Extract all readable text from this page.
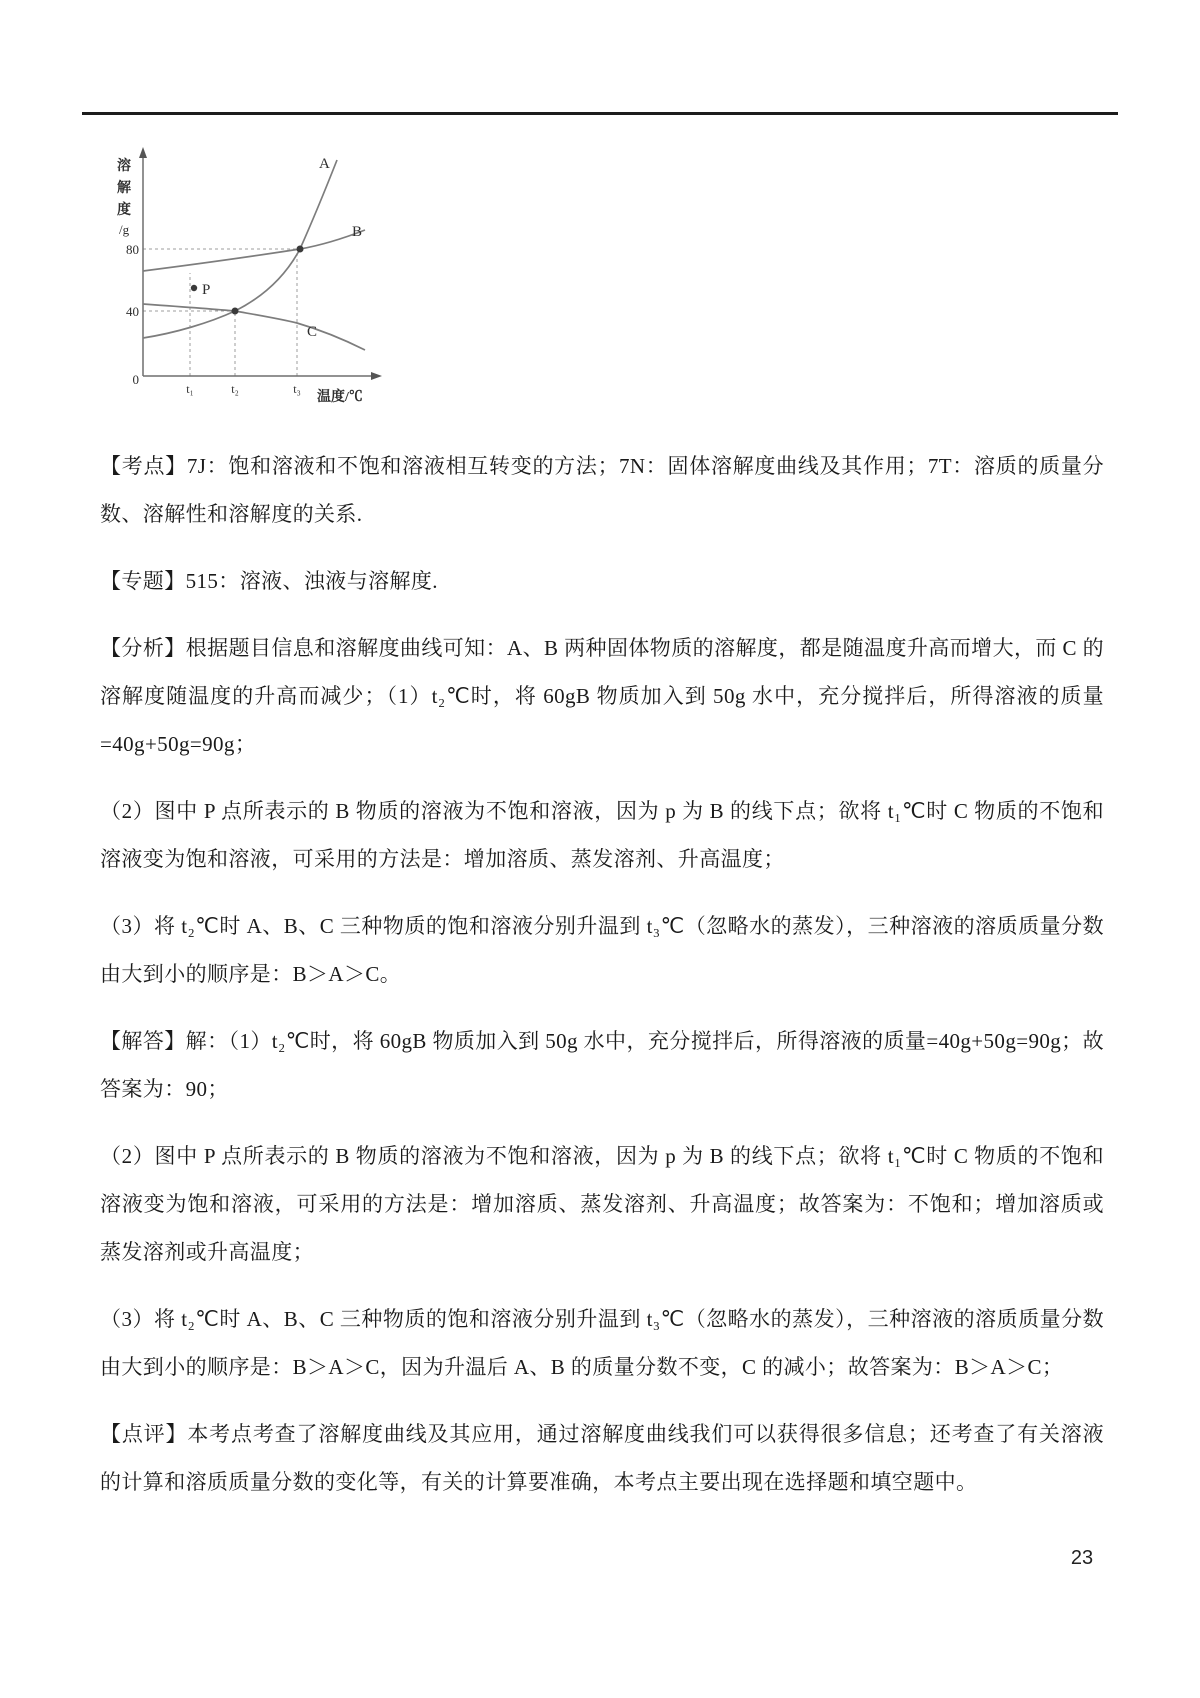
溶
解
度
/g
80
40
0
t₁	t₂	t₃
温度/℃
A
B
C
P

【考点】7J：饱和溶液和不饱和溶液相互转变的方法；7N：固体溶解度曲线及其作用；7T：溶质的质量分数、溶解性和溶解度的关系.

【专题】515：溶液、浊液与溶解度.

【分析】根据题目信息和溶解度曲线可知：A、B 两种固体物质的溶解度，都是随温度升高而增大，而 C 的溶解度随温度的升高而减少；（1）t₂℃时，将 60gB 物质加入到 50g 水中，充分搅拌后，所得溶液的质量=40g+50g=90g；

（2）图中 P 点所表示的 B 物质的溶液为不饱和溶液，因为 p 为 B 的线下点；欲将 t₁℃时 C 物质的不饱和溶液变为饱和溶液，可采用的方法是：增加溶质、蒸发溶剂、升高温度；

（3）将 t₂℃时 A、B、C 三种物质的饱和溶液分别升温到 t₃℃（忽略水的蒸发），三种溶液的溶质质量分数由大到小的顺序是：B＞A＞C。

【解答】解：（1）t₂℃时，将 60gB 物质加入到 50g 水中，充分搅拌后，所得溶液的质量=40g+50g=90g；故答案为：90；

（2）图中 P 点所表示的 B 物质的溶液为不饱和溶液，因为 p 为 B 的线下点；欲将 t₁℃时 C 物质的不饱和溶液变为饱和溶液，可采用的方法是：增加溶质、蒸发溶剂、升高温度；故答案为：不饱和；增加溶质或蒸发溶剂或升高温度；

（3）将 t₂℃时 A、B、C 三种物质的饱和溶液分别升温到 t₃℃（忽略水的蒸发），三种溶液的溶质质量分数由大到小的顺序是：B＞A＞C，因为升温后 A、B 的质量分数不变，C 的减小；故答案为：B＞A＞C；

【点评】本考点考查了溶解度曲线及其应用，通过溶解度曲线我们可以获得很多信息；还考查了有关溶液的计算和溶质质量分数的变化等，有关的计算要准确，本考点主要出现在选择题和填空题中。

23
